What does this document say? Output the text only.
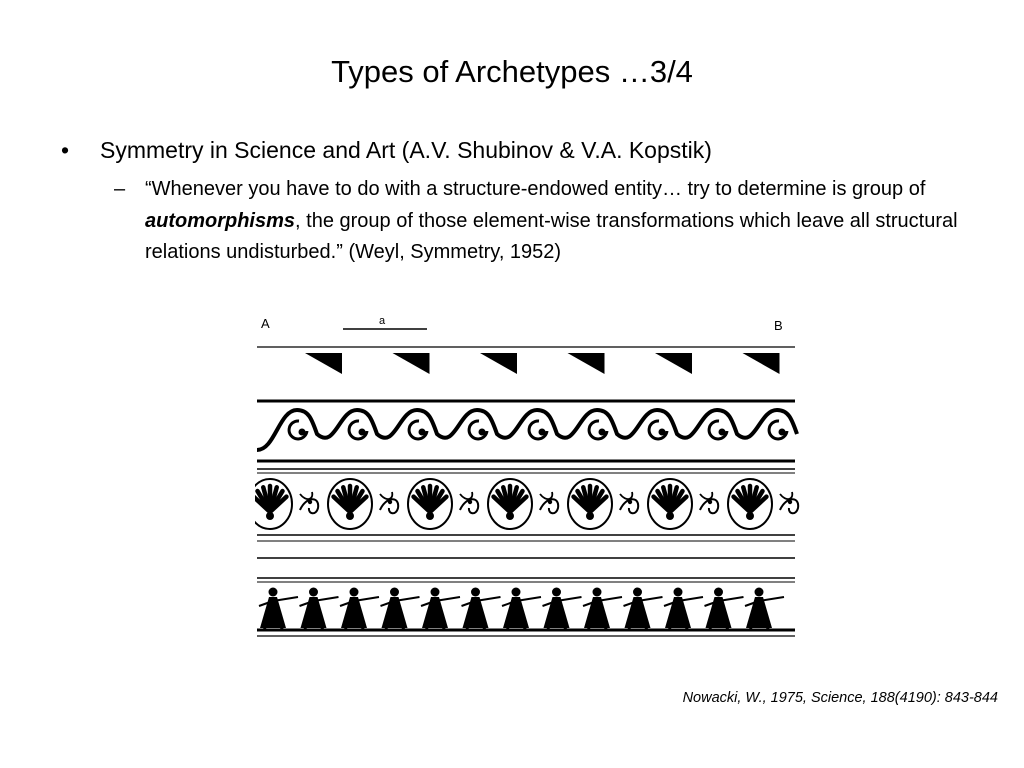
Types of Archetypes …3/4
• Symmetry in Science and Art (A.V. Shubinov & V.A. Kopstik)
– “Whenever you have to do with a structure-endowed entity… try to determine is group of automorphisms, the group of those element-wise transformations which leave all structural relations undisturbed.” (Weyl, Symmetry, 1952)
A	a	B
Nowacki, W., 1975, Science, 188(4190): 843-844
